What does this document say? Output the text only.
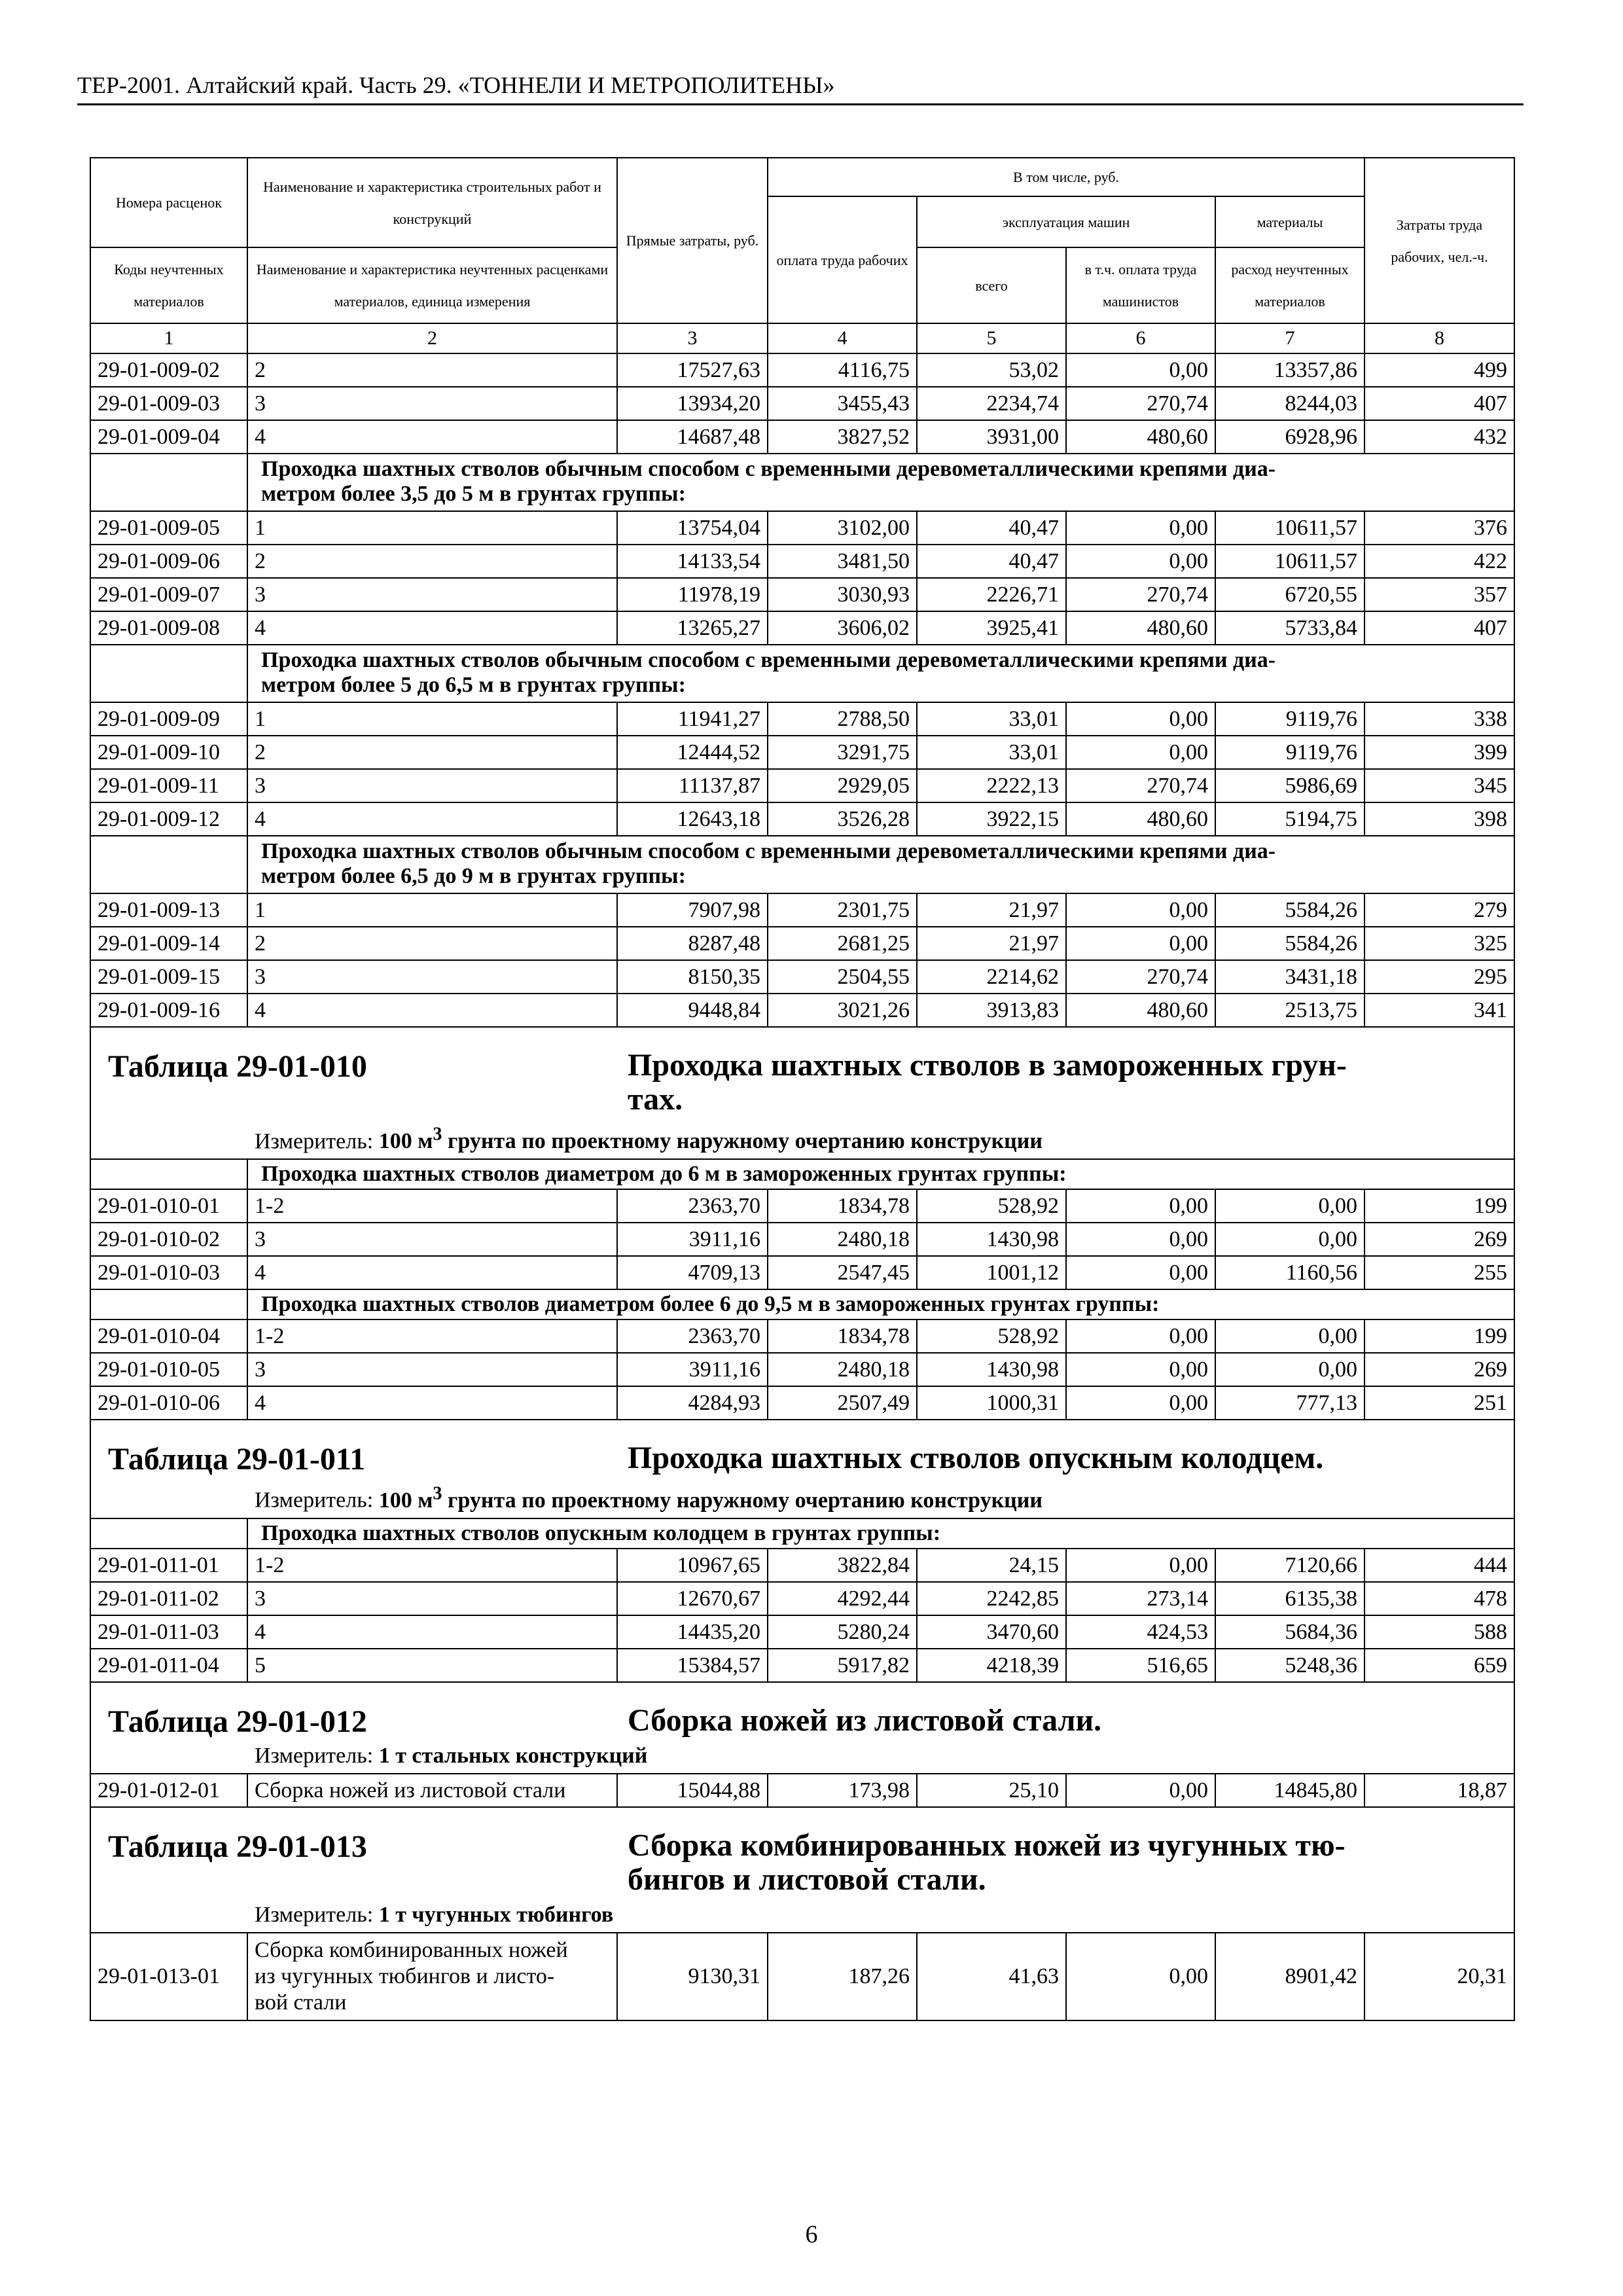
ТЕР-2001. Алтайский край. Часть 29. «ТОННЕЛИ И МЕТРОПОЛИТЕНЫ»
Номера расценок	Наименование и характеристика строительных работ и конструкций	Прямые затраты, руб.	В том числе, руб.				Затраты труда рабочих, чел.-ч.
			оплата труда рабочих	эксплуатация машин		материалы	
Коды неучтенных материалов	Наименование и характеристика неучтенных расценками материалов, единица измерения			всего	в т.ч. оплата труда машинистов	расход неучтенных материалов	
1	2	3	4	5	6	7	8
29-01-009-02	2	17527,63	4116,75	53,02	0,00	13357,86	499
29-01-009-03	3	13934,20	3455,43	2234,74	270,74	8244,03	407
29-01-009-04	4	14687,48	3827,52	3931,00	480,60	6928,96	432

	Проходка шахтных стволов обычным способом с временными деревометаллическими крепями диа-
метром более 3,5 до 5 м в грунтах группы:						

29-01-009-05	1	13754,04	3102,00	40,47	0,00	10611,57	376
29-01-009-06	2	14133,54	3481,50	40,47	0,00	10611,57	422
29-01-009-07	3	11978,19	3030,93	2226,71	270,74	6720,55	357
29-01-009-08	4	13265,27	3606,02	3925,41	480,60	5733,84	407

	Проходка шахтных стволов обычным способом с временными деревометаллическими крепями диа-
метром более 5 до 6,5 м в грунтах группы:						

29-01-009-09	1	11941,27	2788,50	33,01	0,00	9119,76	338
29-01-009-10	2	12444,52	3291,75	33,01	0,00	9119,76	399
29-01-009-11	3	11137,87	2929,05	2222,13	270,74	5986,69	345
29-01-009-12	4	12643,18	3526,28	3922,15	480,60	5194,75	398

	Проходка шахтных стволов обычным способом с временными деревометаллическими крепями диа-
метром более 6,5 до 9 м в грунтах группы:						

29-01-009-13	1	7907,98	2301,75	21,97	0,00	5584,26	279
29-01-009-14	2	8287,48	2681,25	21,97	0,00	5584,26	325
29-01-009-15	3	8150,35	2504,55	2214,62	270,74	3431,18	295
29-01-009-16	4	9448,84	3021,26	3913,83	480,60	2513,75	341

Таблица 29-01-010 Проходка шахтных стволов в замороженных грун-
тах.
Измеритель: 100 $м^3$ грунта по проектному наружному очертанию конструкции							

	Проходка шахтных стволов диаметром до 6 м в замороженных грунтах группы:						
29-01-010-01	1-2	2363,70	1834,78	528,92	0,00	0,00	199
29-01-010-02	3	3911,16	2480,18	1430,98	0,00	0,00	269
29-01-010-03	4	4709,13	2547,45	1001,12	0,00	1160,56	255
	Проходка шахтных стволов диаметром более 6 до 9,5 м в замороженных грунтах группы:						
29-01-010-04	1-2	2363,70	1834,78	528,92	0,00	0,00	199
29-01-010-05	3	3911,16	2480,18	1430,98	0,00	0,00	269
29-01-010-06	4	4284,93	2507,49	1000,31	0,00	777,13	251

Таблица 29-01-011 Проходка шахтных стволов опускным колодцем.
Измеритель: 100 $м^3$ грунта по проектному наружному очертанию конструкции							

	Проходка шахтных стволов опускным колодцем в грунтах группы:						
29-01-011-01	1-2	10967,65	3822,84	24,15	0,00	7120,66	444
29-01-011-02	3	12670,67	4292,44	2242,85	273,14	6135,38	478
29-01-011-03	4	14435,20	5280,24	3470,60	424,53	5684,36	588
29-01-011-04	5	15384,57	5917,82	4218,39	516,65	5248,36	659

Таблица 29-01-012 Сборка ножей из листовой стали.
Измеритель: 1 т стальных конструкций							

29-01-012-01	Сборка ножей из листовой стали	15044,88	173,98	25,10	0,00	14845,80	18,87

Таблица 29-01-013 Сборка комбинированных ножей из чугунных тю-
бингов и листовой стали.
Измеритель: 1 т чугунных тюбингов							

29-01-013-01	Сборка комбинированных ножей
из чугунных тюбингов и листо-
вой стали	9130,31	187,26	41,63	0,00	8901,42	20,31
6
